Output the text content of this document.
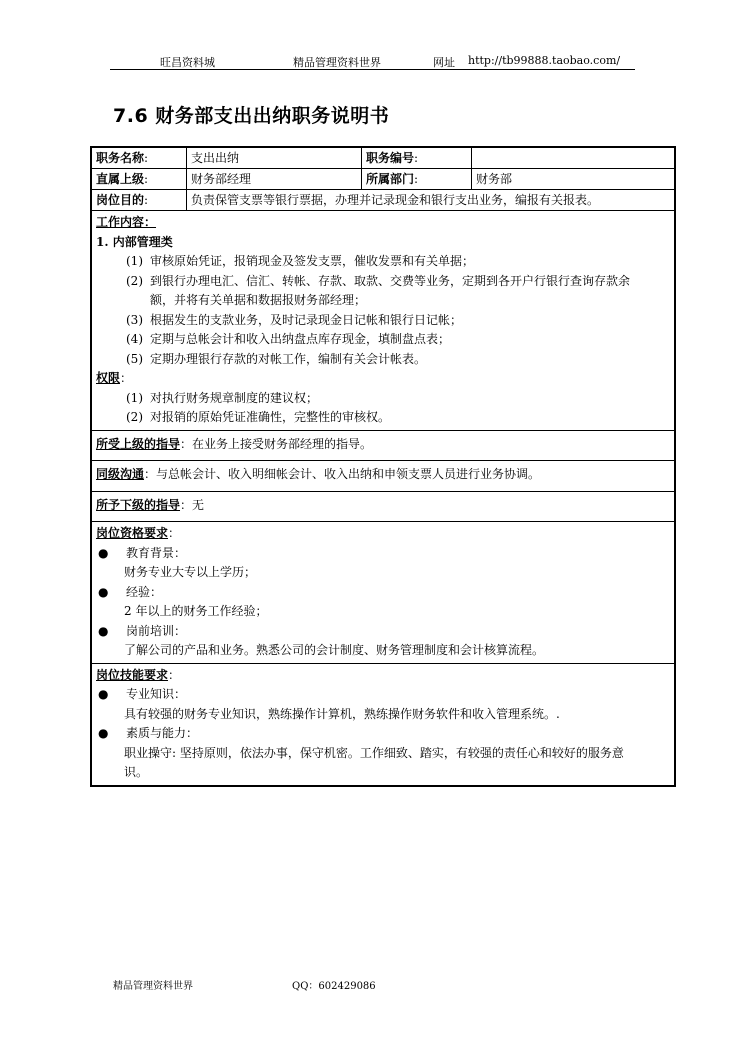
旺昌资料城	精品管理资料世界	网址 http://tb99888.taobao.com/
7.6 财务部支出出纳职务说明书
职务名称:	支出出纳	职务编号:
直属上级:	财务部经理	所属部门:	财务部
岗位目的:	负责保管支票等银行票据，办理并记录现金和银行支出业务，编报有关报表。
工作内容：
1. 内部管理类
(1) 审核原始凭证，报销现金及签发支票，催收发票和有关单据；
(2) 到银行办理电汇、信汇、转帐、存款、取款、交费等业务，定期到各开户行银行查询存款余
额，并将有关单据和数据报财务部经理；
(3) 根据发生的支款业务，及时记录现金日记帐和银行日记帐；
(4) 定期与总帐会计和收入出纳盘点库存现金，填制盘点表；
(5) 定期办理银行存款的对帐工作，编制有关会计帐表。
权限：
(1) 对执行财务规章制度的建议权；
(2) 对报销的原始凭证准确性，完整性的审核权。
所受上级的指导：在业务上接受财务部经理的指导。
同级沟通：与总帐会计、收入明细帐会计、收入出纳和申领支票人员进行业务协调。
所予下级的指导：无
岗位资格要求：
●	教育背景：
财务专业大专以上学历；
●	经验：
2 年以上的财务工作经验；
●	岗前培训：
了解公司的产品和业务。熟悉公司的会计制度、财务管理制度和会计核算流程。
岗位技能要求：
●	专业知识：
具有较强的财务专业知识，熟练操作计算机，熟练操作财务软件和收入管理系统。.
●	素质与能力：
职业操守: 坚持原则，依法办事，保守机密。工作细致、踏实，有较强的责任心和较好的服务意
识。
精品管理资料世界	QQ：602429086
